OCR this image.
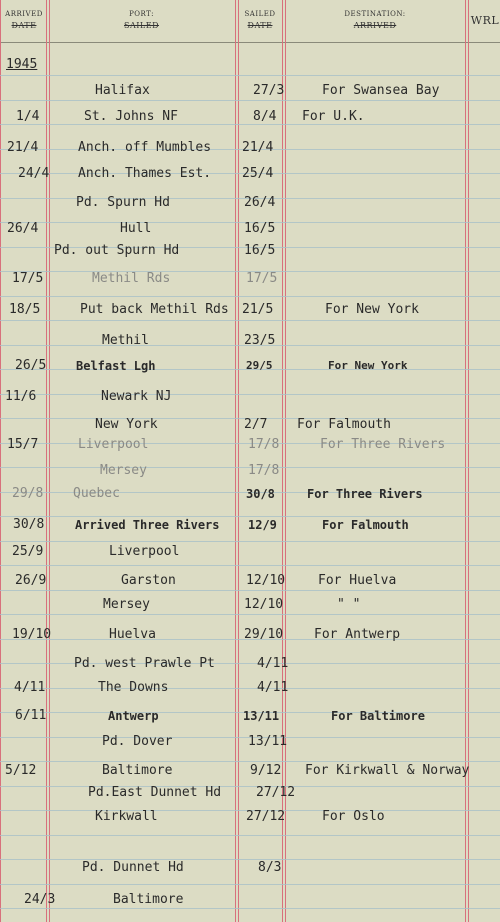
ARRIVED
DATE
PORT:
SAILED
SAILED
DATE
DESTINATION:
ARRIVED	WRL
1945
Halifax	27/3	For Swansea Bay
1/4	St. Johns NF	8/4 For U.K.
21/4	Anch. off Mumbles 21/4
24/4 Anch. Thames Est. 25/4
Pd. Spurn Hd	26/4
26/4	Hull	16/5
Pd. out Spurn Hd	16/5
17/5	Methil Rds	17/5
18/5	Put back Methil Rds 21/5	For New York
Methil	23/5
26/5 Belfast Lgh	29/5	For New York
11/6	Newark NJ
New York	2/7 For Falmouth
15/7	Liverpool	17/8	For Three Rivers
Mersey	17/8
29/8 Quebec	30/8	For Three Rivers
30/8	Arrived Three Rivers 12/9	For Falmouth
25/9	Liverpool
26/9	Garston	12/10	For Huelva
Mersey	12/10	" "
19/10	Huelva	29/10 For Antwerp
Pd. west Prawle Pt	4/11
4/11	The Downs	4/11
6/11	Antwerp	13/11	For Baltimore
Pd. Dover	13/11
5/12	Baltimore	9/12 For Kirkwall & Norway
Pd.East Dunnet Hd	27/12
Kirkwall	27/12	For Oslo
Pd. Dunnet Hd	8/3
24/3	Baltimore
